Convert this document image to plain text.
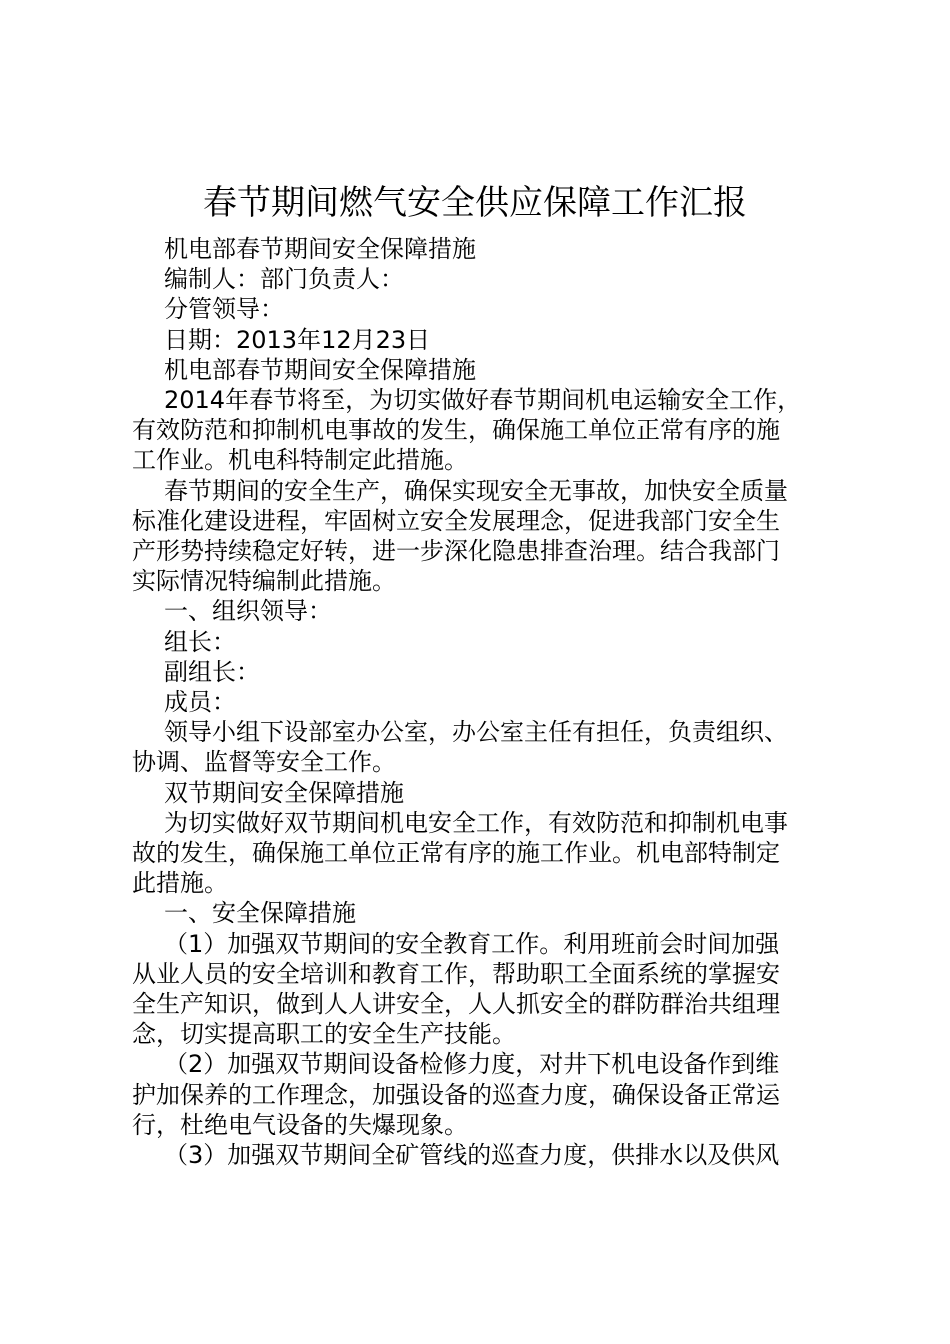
春节期间燃气安全供应保障工作汇报
机电部春节期间安全保障措施
编制人：部门负责人：
分管领导：
日期：2013年12月23日
机电部春节期间安全保障措施
2014年春节将至，为切实做好春节期间机电运输安全工作，
有效防范和抑制机电事故的发生，确保施工单位正常有序的施
工作业。机电科特制定此措施。
春节期间的安全生产，确保实现安全无事故，加快安全质量
标准化建设进程，牢固树立安全发展理念，促进我部门安全生
产形势持续稳定好转，进一步深化隐患排查治理。结合我部门
实际情况特编制此措施。
一、组织领导：
组长：
副组长：
成员：
领导小组下设部室办公室，办公室主任有担任，负责组织、
协调、监督等安全工作。
双节期间安全保障措施
为切实做好双节期间机电安全工作，有效防范和抑制机电事
故的发生，确保施工单位正常有序的施工作业。机电部特制定
此措施。
一、安全保障措施
（1）加强双节期间的安全教育工作。利用班前会时间加强
从业人员的安全培训和教育工作，帮助职工全面系统的掌握安
全生产知识，做到人人讲安全，人人抓安全的群防群治共组理
念，切实提高职工的安全生产技能。
（2）加强双节期间设备检修力度，对井下机电设备作到维
护加保养的工作理念，加强设备的巡查力度，确保设备正常运
行，杜绝电气设备的失爆现象。
（3）加强双节期间全矿管线的巡查力度，供排水以及供风
